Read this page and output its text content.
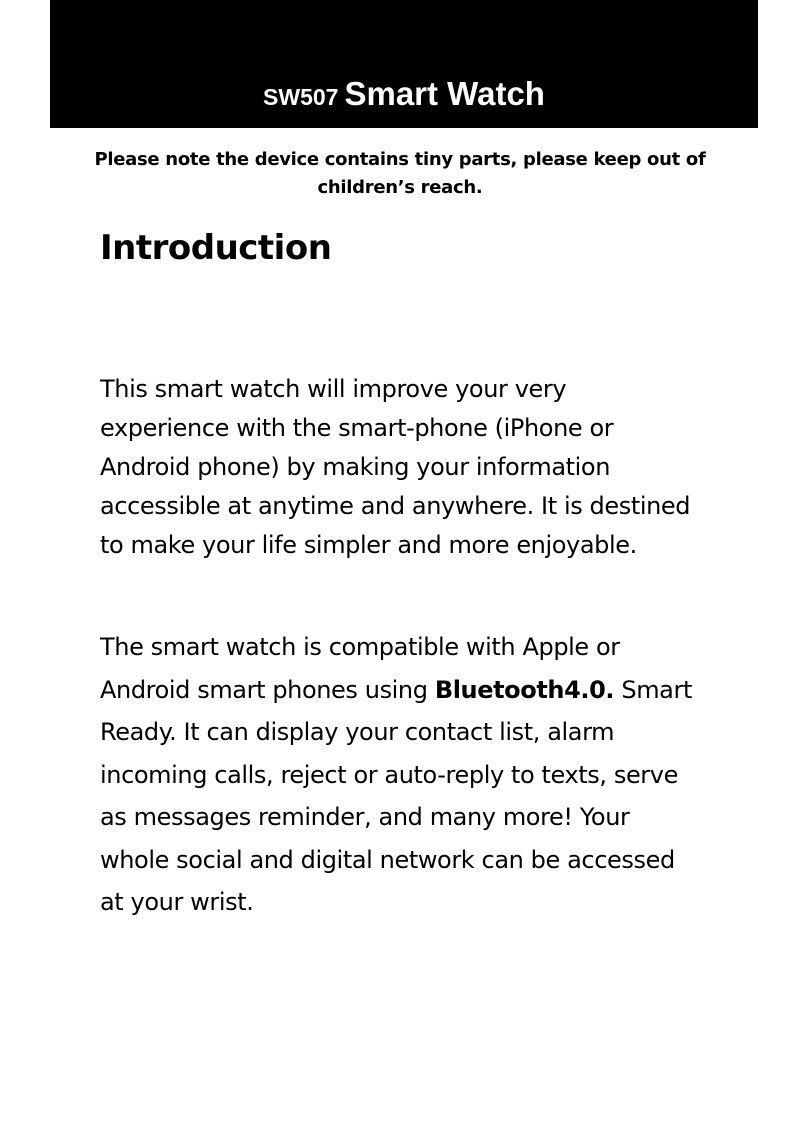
SW507 Smart Watch
Please note the device contains tiny parts, please keep out of children’s reach.
Introduction

This smart watch will improve your very experience with the smart-phone (iPhone or Android phone) by making your information accessible at anytime and anywhere. It is destined to make your life simpler and more enjoyable.

The smart watch is compatible with Apple or Android smart phones using Bluetooth4.0. Smart Ready. It can display your contact list, alarm incoming calls, reject or auto-reply to texts, serve as messages reminder, and many more! Your whole social and digital network can be accessed at your wrist.
